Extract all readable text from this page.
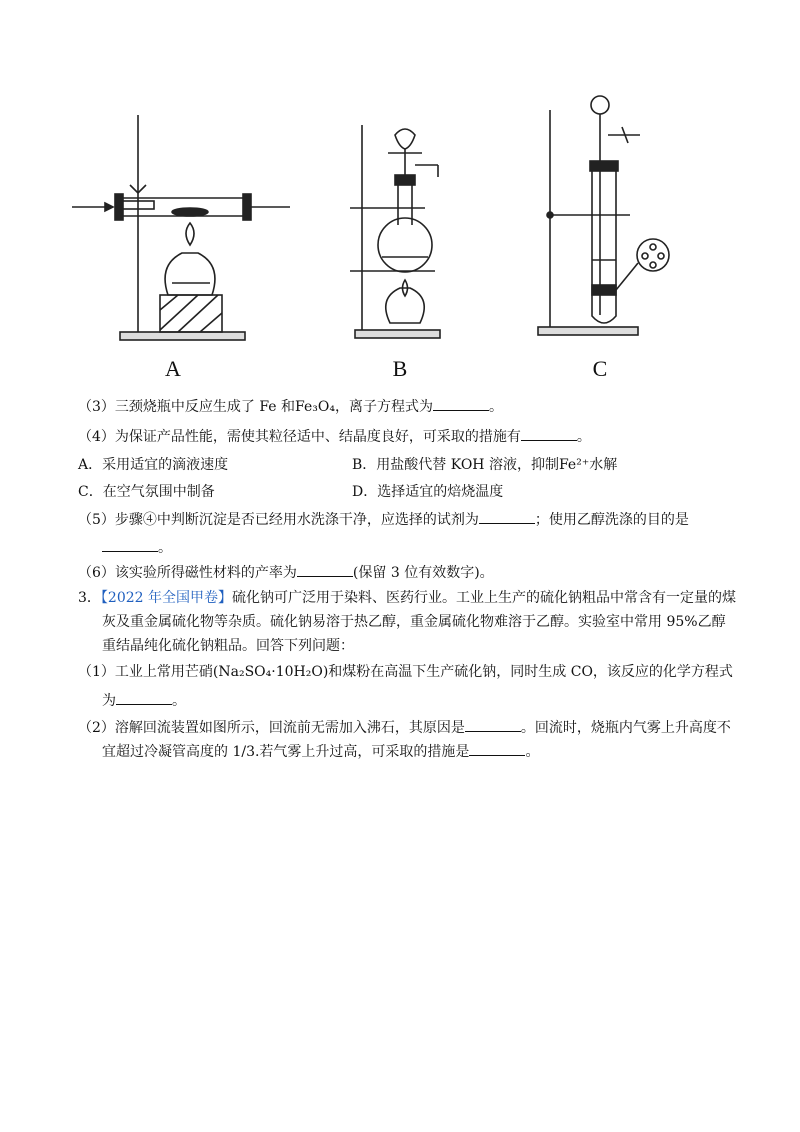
A	B	C
（3）三颈烧瓶中反应生成了 Fe 和Fe₃O₄，离子方程式为	。
（4）为保证产品性能，需使其粒径适中、结晶度良好，可采取的措施有	。
A．采用适宜的滴液速度	B．用盐酸代替 KOH 溶液，抑制Fe²⁺水解
C．在空气氛围中制备	D．选择适宜的焙烧温度
（5）步骤④中判断沉淀是否已经用水洗涤干净，应选择的试剂为	；使用乙醇洗涤的目的是
。
（6）该实验所得磁性材料的产率为	(保留 3 位有效数字)。
3．【2022 年全国甲卷】硫化钠可广泛用于染料、医药行业。工业上生产的硫化钠粗品中常含有一定量的煤
灰及重金属硫化物等杂质。硫化钠易溶于热乙醇，重金属硫化物难溶于乙醇。实验室中常用 95%乙醇
重结晶纯化硫化钠粗品。回答下列问题：
（1）工业上常用芒硝(Na₂SO₄·10H₂O)和煤粉在高温下生产硫化钠，同时生成 CO，该反应的化学方程式
为	。
（2）溶解回流装置如图所示，回流前无需加入沸石，其原因是	。回流时，烧瓶内气雾上升高度不
宜超过冷凝管高度的 1/3.若气雾上升过高，可采取的措施是	。
